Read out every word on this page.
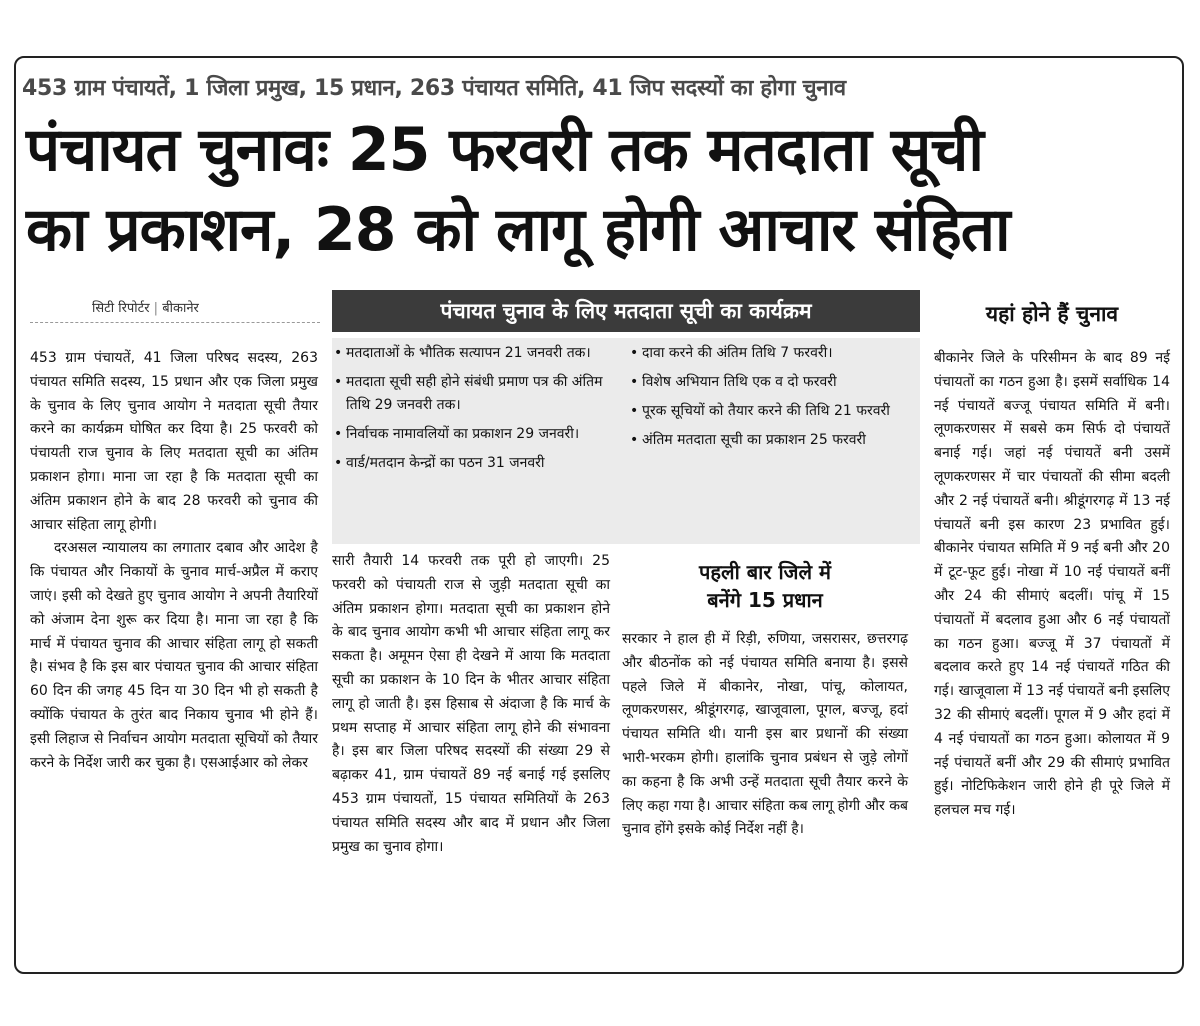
453 ग्राम पंचायतें, 1 जिला प्रमुख, 15 प्रधान, 263 पंचायत समिति, 41 जिप सदस्यों का होगा चुनाव
पंचायत चुनावः 25 फरवरी तक मतदाता सूची
का प्रकाशन, 28 को लागू होगी आचार संहिता
सिटी रिपोर्टर | बीकानेर

453 ग्राम पंचायतें, 41 जिला परिषद सदस्य, 263 पंचायत समिति सदस्य, 15 प्रधान और एक जिला प्रमुख के चुनाव के लिए चुनाव आयोग ने मतदाता सूची तैयार करने का कार्यक्रम घोषित कर दिया है। 25 फरवरी को पंचायती राज चुनाव के लिए मतदाता सूची का अंतिम प्रकाशन होगा। माना जा रहा है कि मतदाता सूची का अंतिम प्रकाशन होने के बाद 28 फरवरी को चुनाव की आचार संहिता लागू होगी।

दरअसल न्यायालय का लगातार दबाव और आदेश है कि पंचायत और निकायों के चुनाव मार्च-अप्रैल में कराए जाएं। इसी को देखते हुए चुनाव आयोग ने अपनी तैयारियों को अंजाम देना शुरू कर दिया है। माना जा रहा है कि मार्च में पंचायत चुनाव की आचार संहिता लागू हो सकती है। संभव है कि इस बार पंचायत चुनाव की आचार संहिता 60 दिन की जगह 45 दिन या 30 दिन भी हो सकती है क्योंकि पंचायत के तुरंत बाद निकाय चुनाव भी होने हैं। इसी लिहाज से निर्वाचन आयोग मतदाता सूचियों को तैयार करने के निर्देश जारी कर चुका है। एसआईआर को लेकर

पंचायत चुनाव के लिए मतदाता सूची का कार्यक्रम
• मतदाताओं के भौतिक सत्यापन 21 जनवरी तक।
• मतदाता सूची सही होने संबंधी प्रमाण पत्र की अंतिम तिथि 29 जनवरी तक।
• निर्वाचक नामावलियों का प्रकाशन 29 जनवरी।
• वार्ड/मतदान केन्द्रों का पठन 31 जनवरी
• दावा करने की अंतिम तिथि 7 फरवरी।
• विशेष अभियान तिथि एक व दो फरवरी
• पूरक सूचियों को तैयार करने की तिथि 21 फरवरी
• अंतिम मतदाता सूची का प्रकाशन 25 फरवरी

सारी तैयारी 14 फरवरी तक पूरी हो जाएगी। 25 फरवरी को पंचायती राज से जुड़ी मतदाता सूची का अंतिम प्रकाशन होगा। मतदाता सूची का प्रकाशन होने के बाद चुनाव आयोग कभी भी आचार संहिता लागू कर सकता है। अमूमन ऐसा ही देखने में आया कि मतदाता सूची का प्रकाशन के 10 दिन के भीतर आचार संहिता लागू हो जाती है। इस हिसाब से अंदाजा है कि मार्च के प्रथम सप्ताह में आचार संहिता लागू होने की संभावना है। इस बार जिला परिषद सदस्यों की संख्या 29 से बढ़ाकर 41, ग्राम पंचायतें 89 नई बनाई गई इसलिए 453 ग्राम पंचायतों, 15 पंचायत समितियों के 263 पंचायत समिति सदस्य और बाद में प्रधान और जिला प्रमुख का चुनाव होगा।

पहली बार जिले में
बनेंगे 15 प्रधान

सरकार ने हाल ही में रिड़ी, रुणिया, जसरासर, छत्तरगढ़ और बीठनोंक को नई पंचायत समिति बनाया है। इससे पहले जिले में बीकानेर, नोखा, पांचू, कोलायत, लूणकरणसर, श्रीडूंगरगढ़, खाजूवाला, पूगल, बज्जू, हदां पंचायत समिति थी। यानी इस बार प्रधानों की संख्या भारी-भरकम होगी। हालांकि चुनाव प्रबंधन से जुड़े लोगों का कहना है कि अभी उन्हें मतदाता सूची तैयार करने के लिए कहा गया है। आचार संहिता कब लागू होगी और कब चुनाव होंगे इसके कोई निर्देश नहीं है।

यहां होने हैं चुनाव

बीकानेर जिले के परिसीमन के बाद 89 नई पंचायतों का गठन हुआ है। इसमें सर्वाधिक 14 नई पंचायतें बज्जू पंचायत समिति में बनी। लूणकरणसर में सबसे कम सिर्फ दो पंचायतें बनाई गई। जहां नई पंचायतें बनी उसमें लूणकरणसर में चार पंचायतों की सीमा बदली और 2 नई पंचायतें बनी। श्रीडूंगरगढ़ में 13 नई पंचायतें बनी इस कारण 23 प्रभावित हुई। बीकानेर पंचायत समिति में 9 नई बनी और 20 में टूट-फूट हुई। नोखा में 10 नई पंचायतें बनीं और 24 की सीमाएं बदलीं। पांचू में 15 पंचायतों में बदलाव हुआ और 6 नई पंचायतों का गठन हुआ। बज्जू में 37 पंचायतों में बदलाव करते हुए 14 नई पंचायतें गठित की गई। खाजूवाला में 13 नई पंचायतें बनी इसलिए 32 की सीमाएं बदलीं। पूगल में 9 और हदां में 4 नई पंचायतों का गठन हुआ। कोलायत में 9 नई पंचायतें बनीं और 29 की सीमाएं प्रभावित हुई। नोटिफिकेशन जारी होने ही पूरे जिले में हलचल मच गई।
